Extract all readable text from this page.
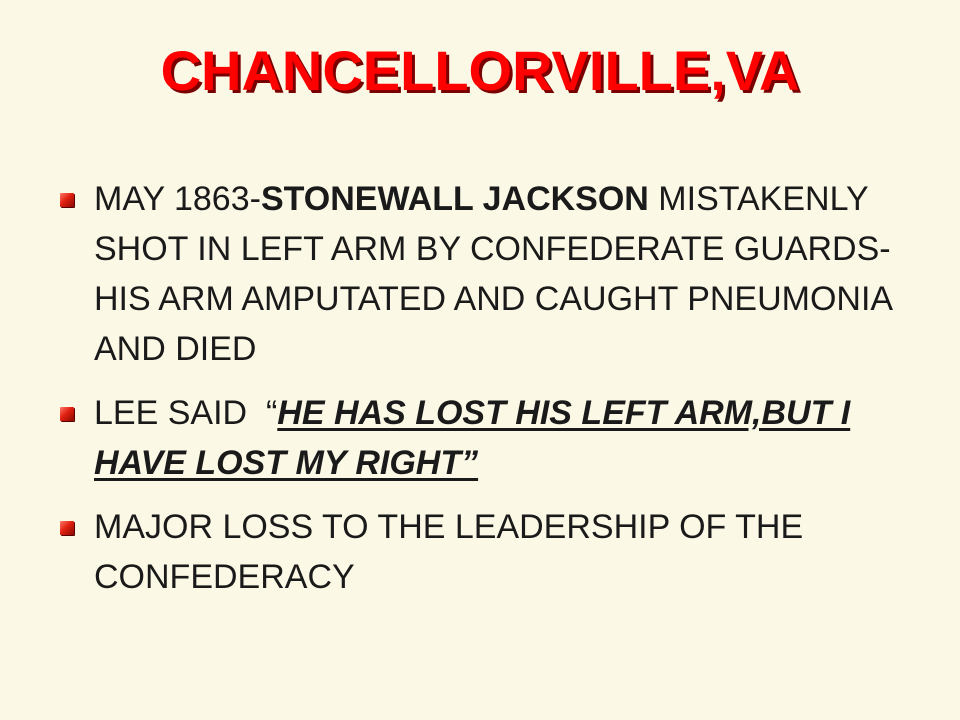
CHANCELLORVILLE,VA
MAY 1863-STONEWALL JACKSON MISTAKENLY SHOT IN LEFT ARM BY CONFEDERATE GUARDS-HIS ARM AMPUTATED AND CAUGHT PNEUMONIA AND DIED
LEE SAID  “HE HAS LOST HIS LEFT ARM,BUT I HAVE LOST MY RIGHT”
MAJOR LOSS TO THE LEADERSHIP OF THE CONFEDERACY
